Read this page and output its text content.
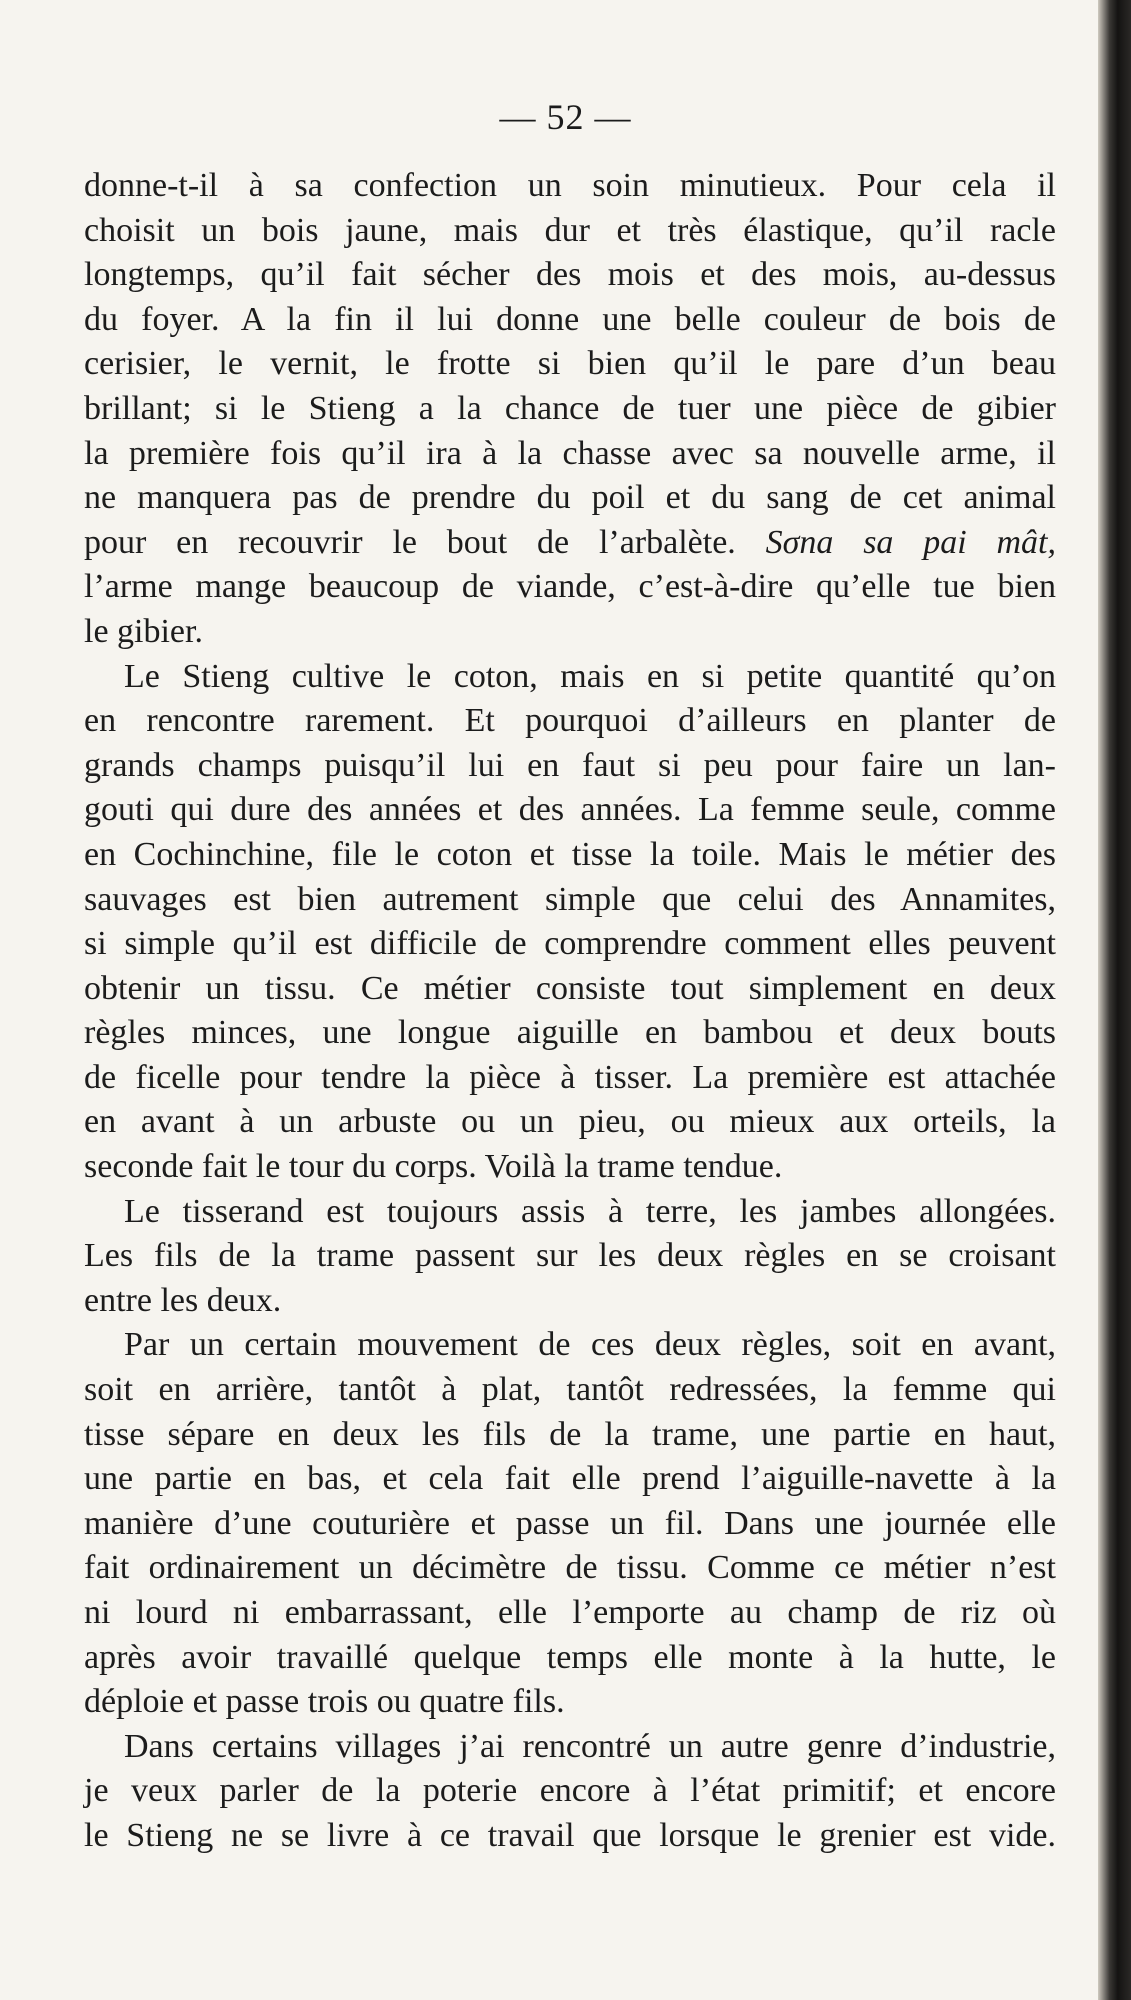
— 52 —
donne-t-il à sa confection un soin minutieux. Pour cela il
choisit un bois jaune, mais dur et très élastique, qu’il racle
longtemps, qu’il fait sécher des mois et des mois, au-dessus
du foyer. A la fin il lui donne une belle couleur de bois de
cerisier, le vernit, le frotte si bien qu’il le pare d’un beau
brillant; si le Stieng a la chance de tuer une pièce de gibier
la première fois qu’il ira à la chasse avec sa nouvelle arme, il
ne manquera pas de prendre du poil et du sang de cet animal
pour en recouvrir le bout de l’arbalète. Sσna sa pai mât,
l’arme mange beaucoup de viande, c’est-à-dire qu’elle tue bien
le gibier.
Le Stieng cultive le coton, mais en si petite quantité qu’on
en rencontre rarement. Et pourquoi d’ailleurs en planter de
grands champs puisqu’il lui en faut si peu pour faire un lan-
gouti qui dure des années et des années. La femme seule, comme
en Cochinchine, file le coton et tisse la toile. Mais le métier des
sauvages est bien autrement simple que celui des Annamites,
si simple qu’il est difficile de comprendre comment elles peuvent
obtenir un tissu. Ce métier consiste tout simplement en deux
règles minces, une longue aiguille en bambou et deux bouts
de ficelle pour tendre la pièce à tisser. La première est attachée
en avant à un arbuste ou un pieu, ou mieux aux orteils, la
seconde fait le tour du corps. Voilà la trame tendue.
Le tisserand est toujours assis à terre, les jambes allongées.
Les fils de la trame passent sur les deux règles en se croisant
entre les deux.
Par un certain mouvement de ces deux règles, soit en avant,
soit en arrière, tantôt à plat, tantôt redressées, la femme qui
tisse sépare en deux les fils de la trame, une partie en haut,
une partie en bas, et cela fait elle prend l’aiguille-navette à la
manière d’une couturière et passe un fil. Dans une journée elle
fait ordinairement un décimètre de tissu. Comme ce métier n’est
ni lourd ni embarrassant, elle l’emporte au champ de riz où
après avoir travaillé quelque temps elle monte à la hutte, le
déploie et passe trois ou quatre fils.
Dans certains villages j’ai rencontré un autre genre d’industrie,
je veux parler de la poterie encore à l’état primitif; et encore
le Stieng ne se livre à ce travail que lorsque le grenier est vide.
